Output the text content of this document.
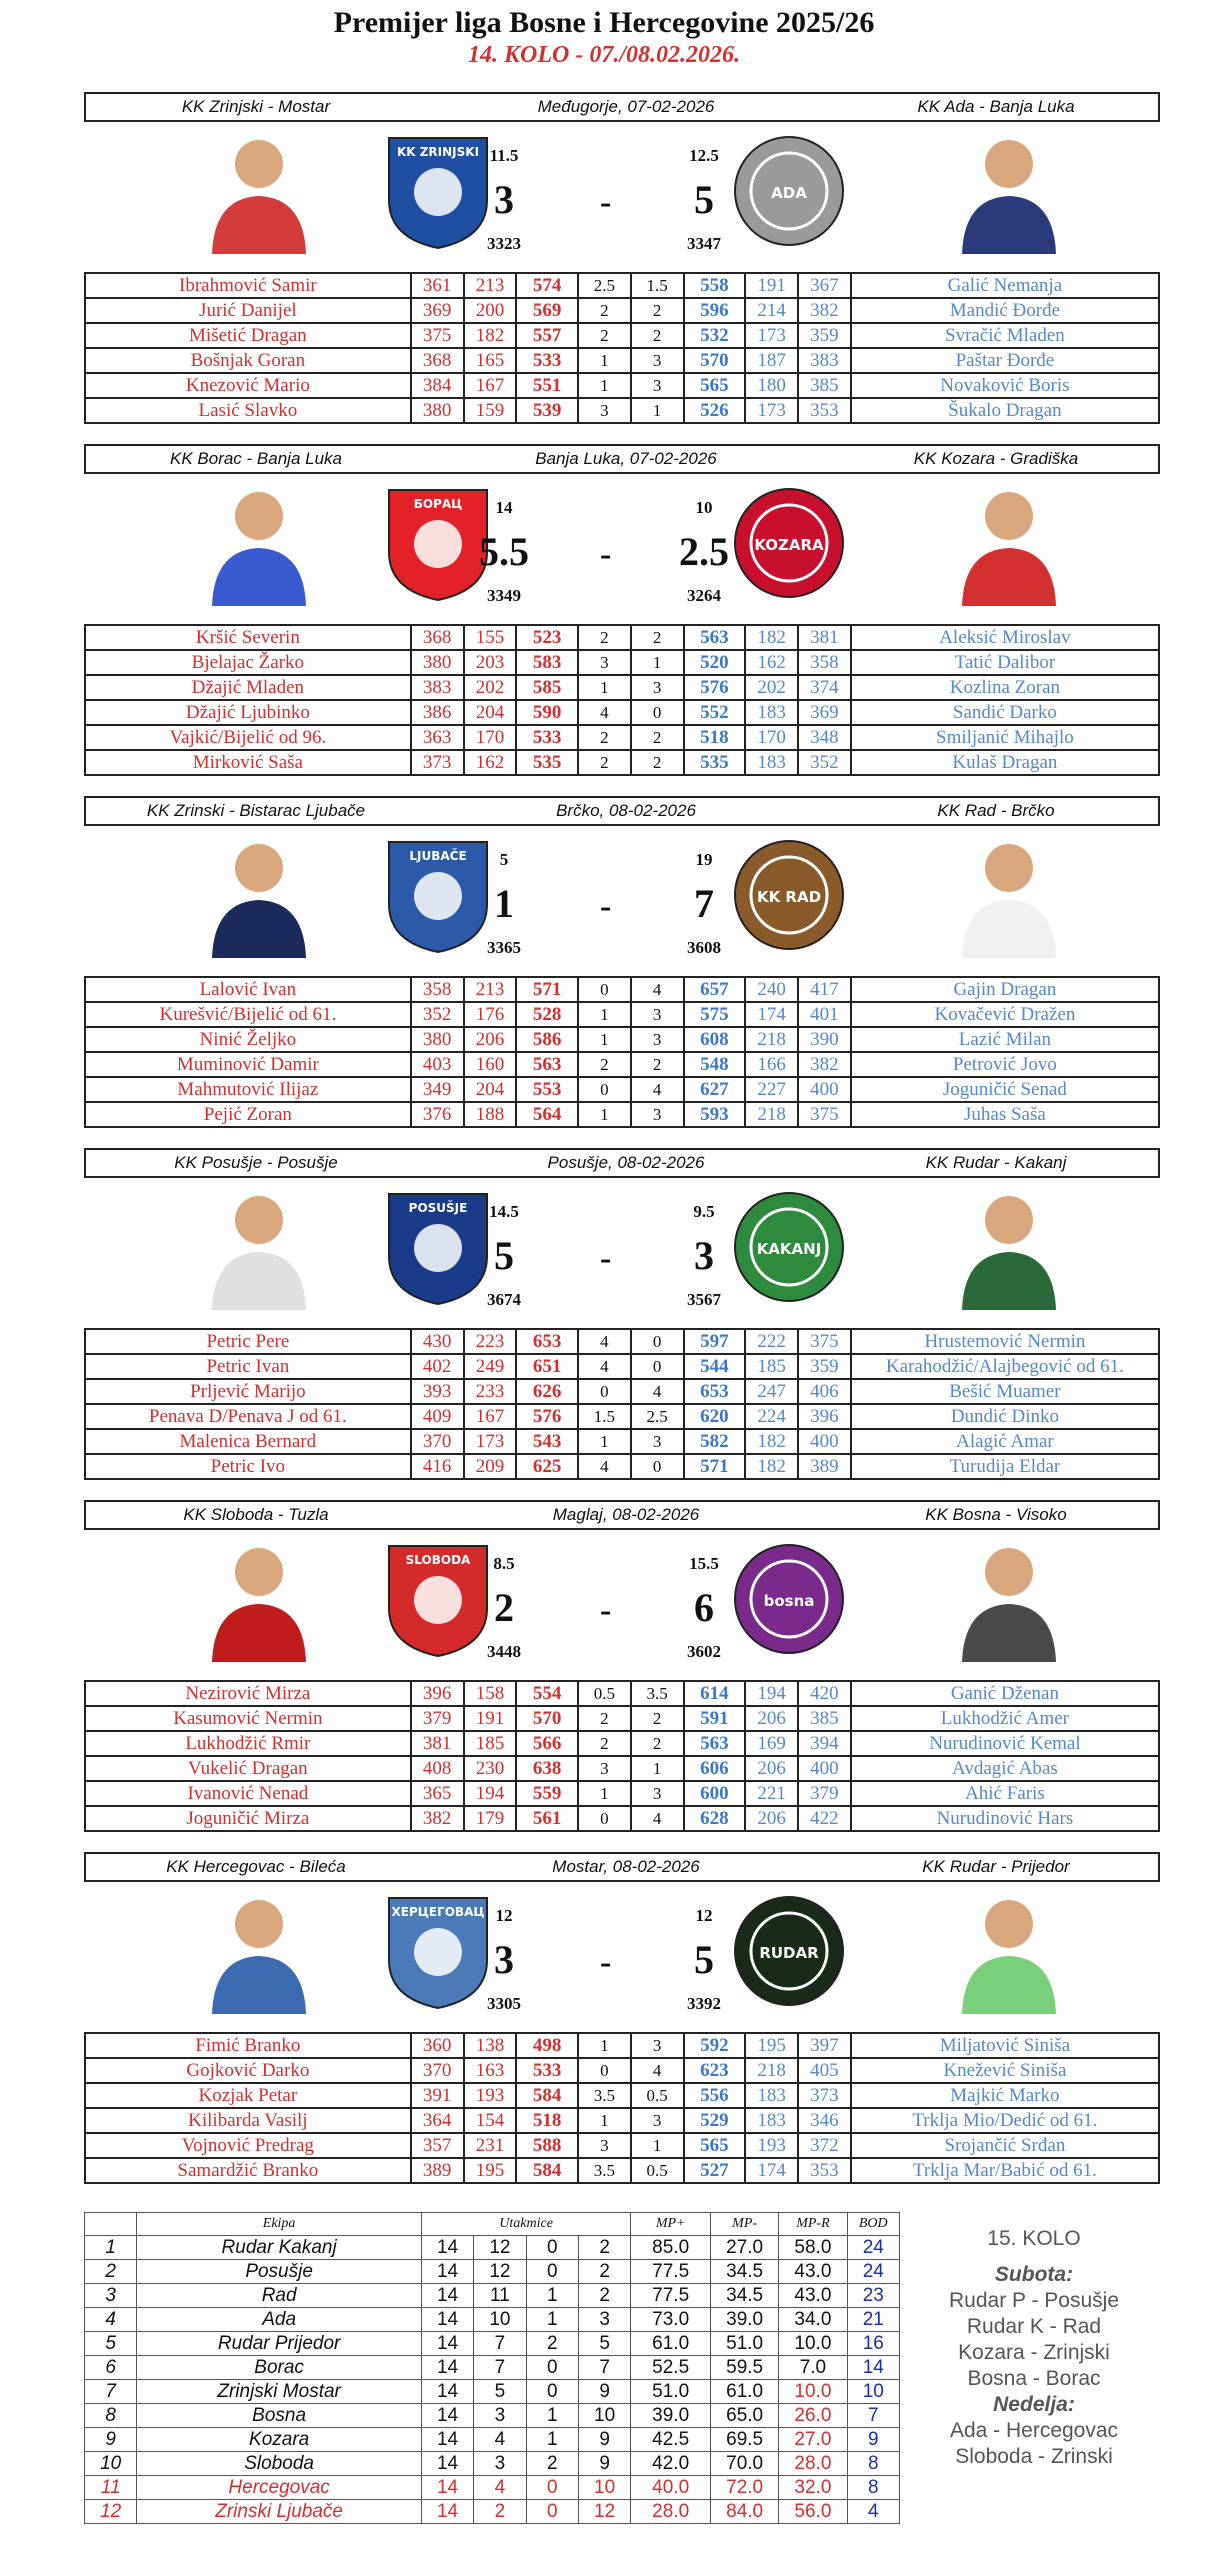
Premijer liga Bosne i Hercegovine 2025/26
14. KOLO - 07./08.02.2026.
KK Zrinjski - Mostar	Međugorje, 07-02-2026	KK Ada - Banja Luka
KK ZRINJSKI 11.5	12.5
3	-	5
3323	3347
ADA
Ibrahmović Samir	361	213	574	2.5	1.5	558	191	367	Galić Nemanja
Jurić Danijel	369	200	569	2	2	596	214	382	Mandić Đorđe
Mišetić Dragan	375	182	557	2	2	532	173	359	Svračić Mladen
Bošnjak Goran	368	165	533	1	3	570	187	383	Paštar Đorđe
Knezović Mario	384	167	551	1	3	565	180	385	Novaković Boris
Lasić Slavko	380	159	539	3	1	526	173	353	Šukalo Dragan
KK Borac - Banja Luka	Banja Luka, 07-02-2026	KK Kozara - Gradiška
БОРАЦ	14	10
5.5 - 2.5
3349	3264
KOZARA
Kršić Severin	368	155	523	2	2	563	182	381	Aleksić Miroslav
Bjelajac Žarko	380	203	583	3	1	520	162	358	Tatić Dalibor
Džajić Mladen	383	202	585	1	3	576	202	374	Kozlina Zoran
Džajić Ljubinko	386	204	590	4	0	552	183	369	Sandić Darko
Vajkić/Bijelić od 96.	363	170	533	2	2	518	170	348	Smiljanić Mihajlo
Mirković Saša	373	162	535	2	2	535	183	352	Kulaš Dragan
KK Zrinski - Bistarac Ljubače	Brčko, 08-02-2026	KK Rad - Brčko
LJUBAČE	5	19
1	-	7
3365	3608
KK RAD
Lalović Ivan	358	213	571	0	4	657	240	417	Gajin Dragan
Kurešvić/Bijelić od 61.	352	176	528	1	3	575	174	401	Kovačević Dražen
Ninić Željko	380	206	586	1	3	608	218	390	Lazić Milan
Muminović Damir	403	160	563	2	2	548	166	382	Petrović Jovo
Mahmutović Ilijaz	349	204	553	0	4	627	227	400	Joguničić Senad
Pejić Zoran	376	188	564	1	3	593	218	375	Juhas Saša
KK Posušje - Posušje	Posušje, 08-02-2026	KK Rudar - Kakanj
POSUŠJE	14.5	9.5
5	-	3
3674	3567
KAKANJ
Petric Pere	430	223	653	4	0	597	222	375	Hrustemović Nermin
Petric Ivan	402	249	651	4	0	544	185	359	Karahodžić/Alajbegović od 61.
Prljević Marijo	393	233	626	0	4	653	247	406	Bešić Muamer
Penava D/Penava J od 61.	409	167	576	1.5	2.5	620	224	396	Dundić Dinko
Malenica Bernard	370	173	543	1	3	582	182	400	Alagić Amar
Petric Ivo	416	209	625	4	0	571	182	389	Turudija Eldar
KK Sloboda - Tuzla	Maglaj, 08-02-2026	KK Bosna - Visoko
SLOBODA	8.5	15.5
2	-	6
3448	3602
bosna
Nezirović Mirza	396	158	554	0.5	3.5	614	194	420	Ganić Dženan
Kasumović Nermin	379	191	570	2	2	591	206	385	Lukhodžić Amer
Lukhodžić Rmir	381	185	566	2	2	563	169	394	Nurudinović Kemal
Vukelić Dragan	408	230	638	3	1	606	206	400	Avdagić Abas
Ivanović Nenad	365	194	559	1	3	600	221	379	Ahić Faris
Joguničić Mirza	382	179	561	0	4	628	206	422	Nurudinović Hars
KK Hercegovac - Bileća	Mostar, 08-02-2026	KK Rudar - Prijedor
ХЕРЦЕГОВАЦ 12	12
3	-	5
3305	3392
RUDAR
Fimić Branko	360	138	498	1	3	592	195	397	Miljatović Siniša
Gojković Darko	370	163	533	0	4	623	218	405	Knežević Siniša
Kozjak Petar	391	193	584	3.5	0.5	556	183	373	Majkić Marko
Kilibarda Vasilj	364	154	518	1	3	529	183	346	Trklja Mio/Dedić od 61.
Vojnović Predrag	357	231	588	3	1	565	193	372	Srojančić Srđan
Samardžić Branko	389	195	584	3.5	0.5	527	174	353	Trklja Mar/Babić od 61.
	Ekipa	Utakmice				MP+	MP-	MP-R	BOD
1	Rudar Kakanj	14	12	0	2	85.0	27.0	58.0	24
2	Posušje	14	12	0	2	77.5	34.5	43.0	24
3	Rad	14	11	1	2	77.5	34.5	43.0	23
4	Ada	14	10	1	3	73.0	39.0	34.0	21
5	Rudar Prijedor	14	7	2	5	61.0	51.0	10.0	16
6	Borac	14	7	0	7	52.5	59.5	7.0	14
7	Zrinjski Mostar	14	5	0	9	51.0	61.0	10.0	10
8	Bosna	14	3	1	10	39.0	65.0	26.0	7
9	Kozara	14	4	1	9	42.5	69.5	27.0	9
10	Sloboda	14	3	2	9	42.0	70.0	28.0	8
11	Hercegovac	14	4	0	10	40.0	72.0	32.0	8
12	Zrinski Ljubače	14	2	0	12	28.0	84.0	56.0	4
15. KOLO
Subota:
Rudar P - Posušje
Rudar K - Rad
Kozara - Zrinjski
Bosna - Borac
Nedelja:
Ada - Hercegovac
Sloboda - Zrinski
